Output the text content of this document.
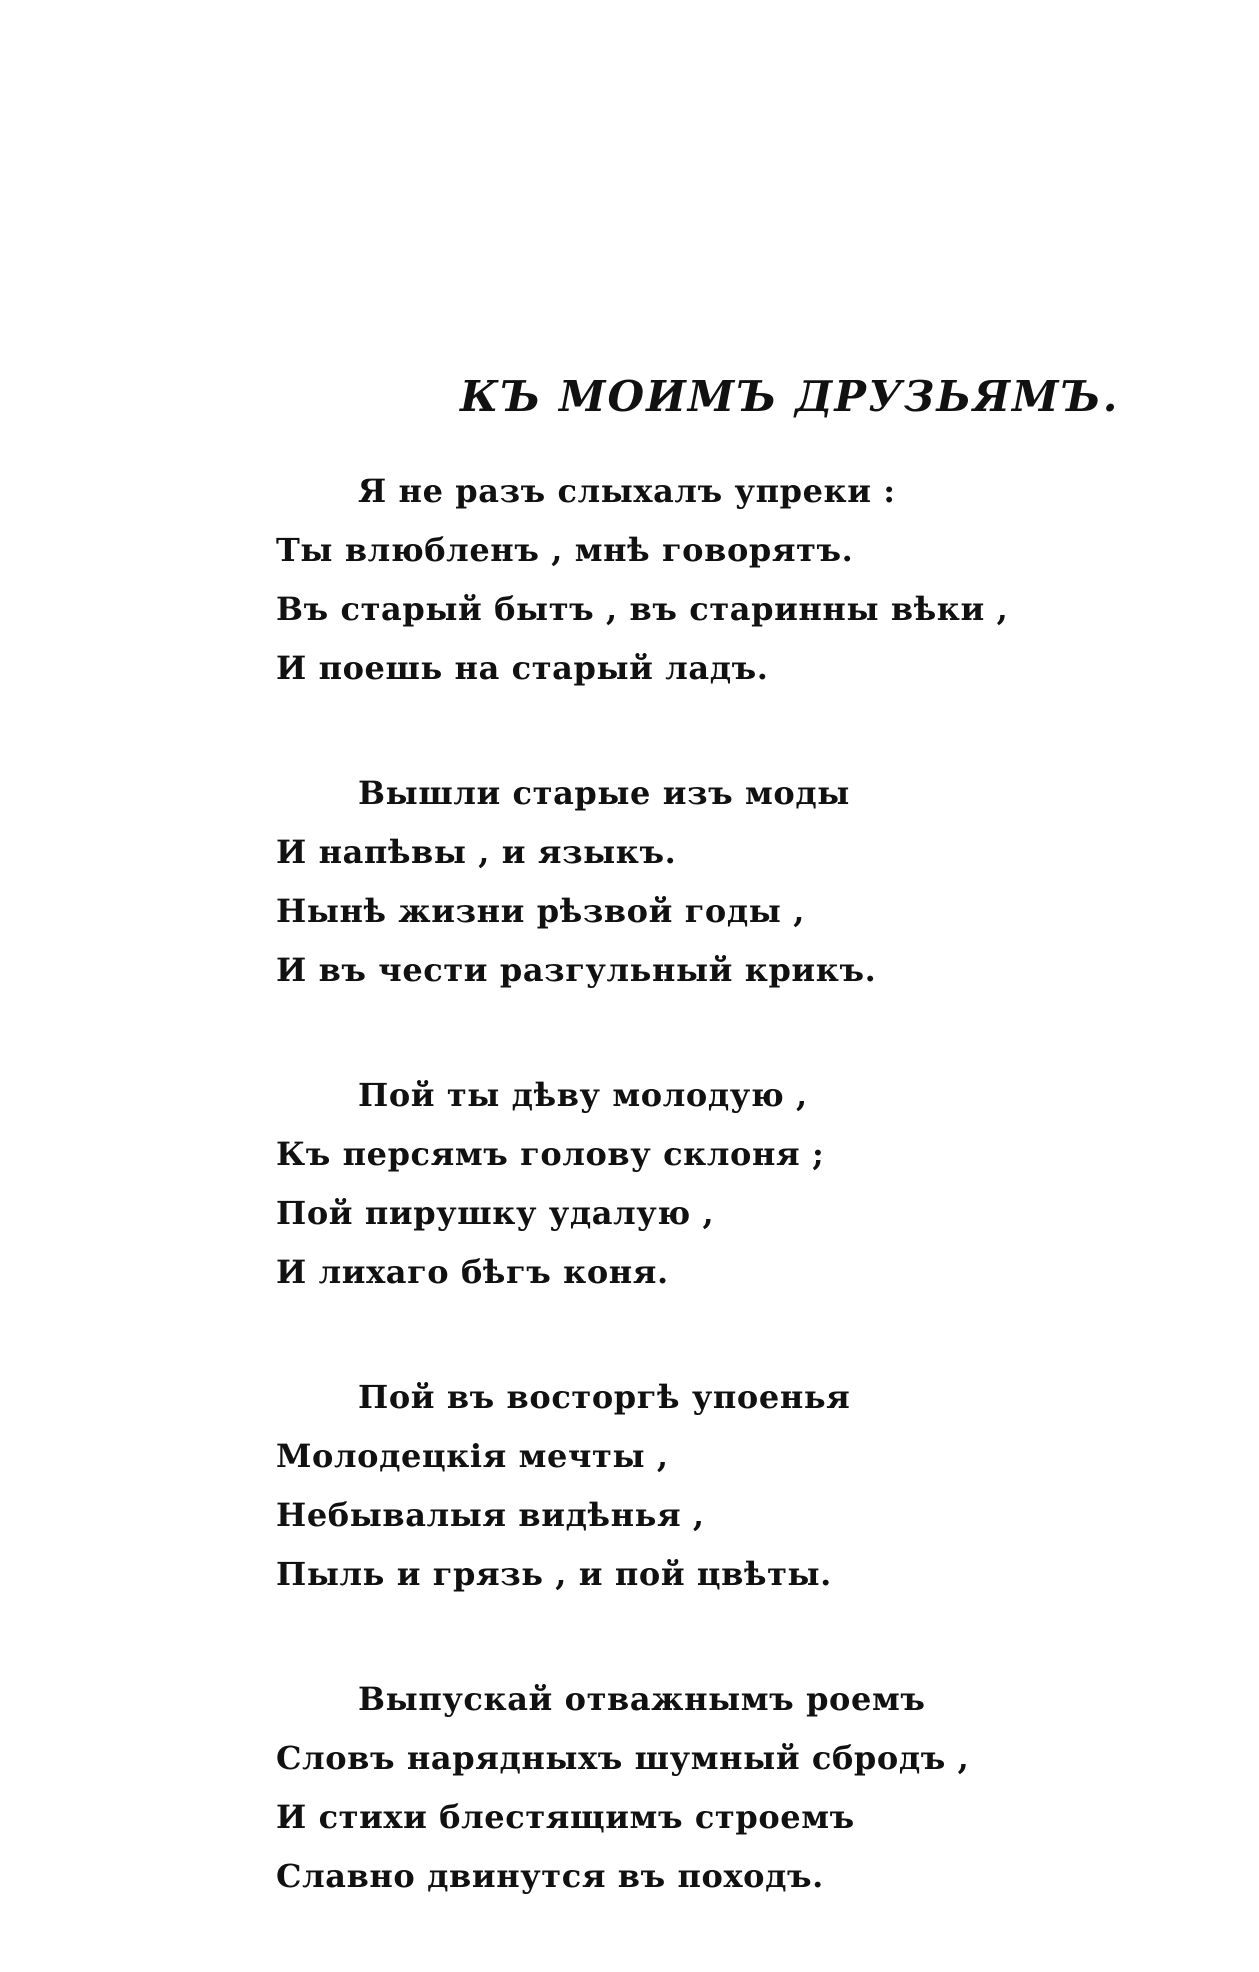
КЪ МОИМЪ ДРУЗЬЯМЪ.
Я не разъ слыхалъ упреки :
Ты влюбленъ , мнѣ говорятъ.
Въ старый бытъ , въ старинны вѣки ,
И поешь на старый ладъ.
Вышли старые изъ моды
И напѣвы , и языкъ.
Нынѣ жизни рѣзвой годы ,
И въ чести разгульный крикъ.
Пой ты дѣву молодую ,
Къ персямъ голову склоня ;
Пой пирушку удалую ,
И лихаго бѣгъ коня.
Пой въ восторгѣ упоенья
Молодецкія мечты ,
Небывалыя видѣнья ,
Пыль и грязь , и пой цвѣты.
Выпускай отважнымъ роемъ
Словъ нарядныхъ шумный сбродъ ,
И стихи блестящимъ строемъ
Славно двинутся въ походъ.
